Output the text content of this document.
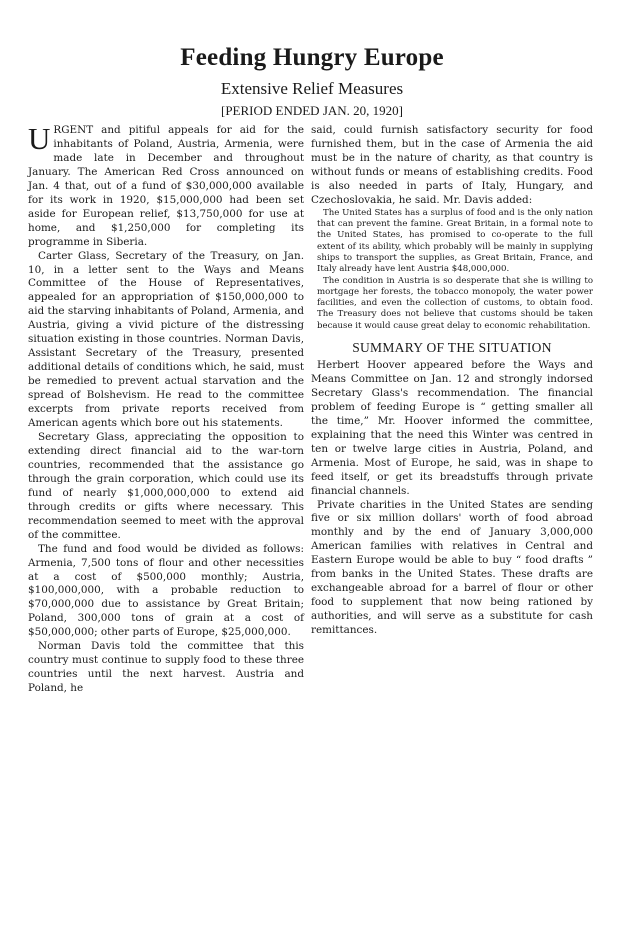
Feeding Hungry Europe
Extensive Relief Measures
[PERIOD ENDED JAN. 20, 1920]

URGENT and pitiful appeals for aid for the inhabitants of Poland, Austria, Armenia, were made late in December and throughout January. The American Red Cross announced on Jan. 4 that, out of a fund of $30,000,000 available for its work in 1920, $15,000,000 had been set aside for European relief, $13,750,000 for use at home, and $1,250,000 for completing its programme in Siberia.

Carter Glass, Secretary of the Treasury, on Jan. 10, in a letter sent to the Ways and Means Committee of the House of Representatives, appealed for an appropriation of $150,000,000 to aid the starving inhabitants of Poland, Armenia, and Austria, giving a vivid picture of the distressing situation existing in those countries. Norman Davis, Assistant Secretary of the Treasury, presented additional details of conditions which, he said, must be remedied to prevent actual starvation and the spread of Bolshevism. He read to the committee excerpts from private reports received from American agents which bore out his statements.

Secretary Glass, appreciating the opposition to extending direct financial aid to the war-torn countries, recommended that the assistance go through the grain corporation, which could use its fund of nearly $1,000,000,000 to extend aid through credits or gifts where necessary. This recommendation seemed to meet with the approval of the committee.

The fund and food would be divided as follows: Armenia, 7,500 tons of flour and other necessities at a cost of $500,000 monthly; Austria, $100,000,000, with a probable reduction to $70,000,000 due to assistance by Great Britain; Poland, 300,000 tons of grain at a cost of $50,000,000; other parts of Europe, $25,000,000.

Norman Davis told the committee that this country must continue to supply food to these three countries until the next harvest. Austria and Poland, he

said, could furnish satisfactory security for food furnished them, but in the case of Armenia the aid must be in the nature of charity, as that country is without funds or means of establishing credits. Food is also needed in parts of Italy, Hungary, and Czechoslovakia, he said. Mr. Davis added:

The United States has a surplus of food and is the only nation that can prevent the famine. Great Britain, in a formal note to the United States, has promised to co-operate to the full extent of its ability, which probably will be mainly in supplying ships to transport the supplies, as Great Britain, France, and Italy already have lent Austria $48,000,000.

The condition in Austria is so desperate that she is willing to mortgage her forests, the tobacco monopoly, the water power facilities, and even the collection of customs, to obtain food. The Treasury does not believe that customs should be taken because it would cause great delay to economic rehabilitation.

SUMMARY OF THE SITUATION

Herbert Hoover appeared before the Ways and Means Committee on Jan. 12 and strongly indorsed Secretary Glass's recommendation. The financial problem of feeding Europe is “ getting smaller all the time,” Mr. Hoover informed the committee, explaining that the need this Winter was centred in ten or twelve large cities in Austria, Poland, and Armenia. Most of Europe, he said, was in shape to feed itself, or get its breadstuffs through private financial channels.

Private charities in the United States are sending five or six million dollars' worth of food abroad monthly and by the end of January 3,000,000 American families with relatives in Central and Eastern Europe would be able to buy “ food drafts ” from banks in the United States. These drafts are exchangeable abroad for a barrel of flour or other food to supplement that now being rationed by authorities, and will serve as a substitute for cash remittances.
